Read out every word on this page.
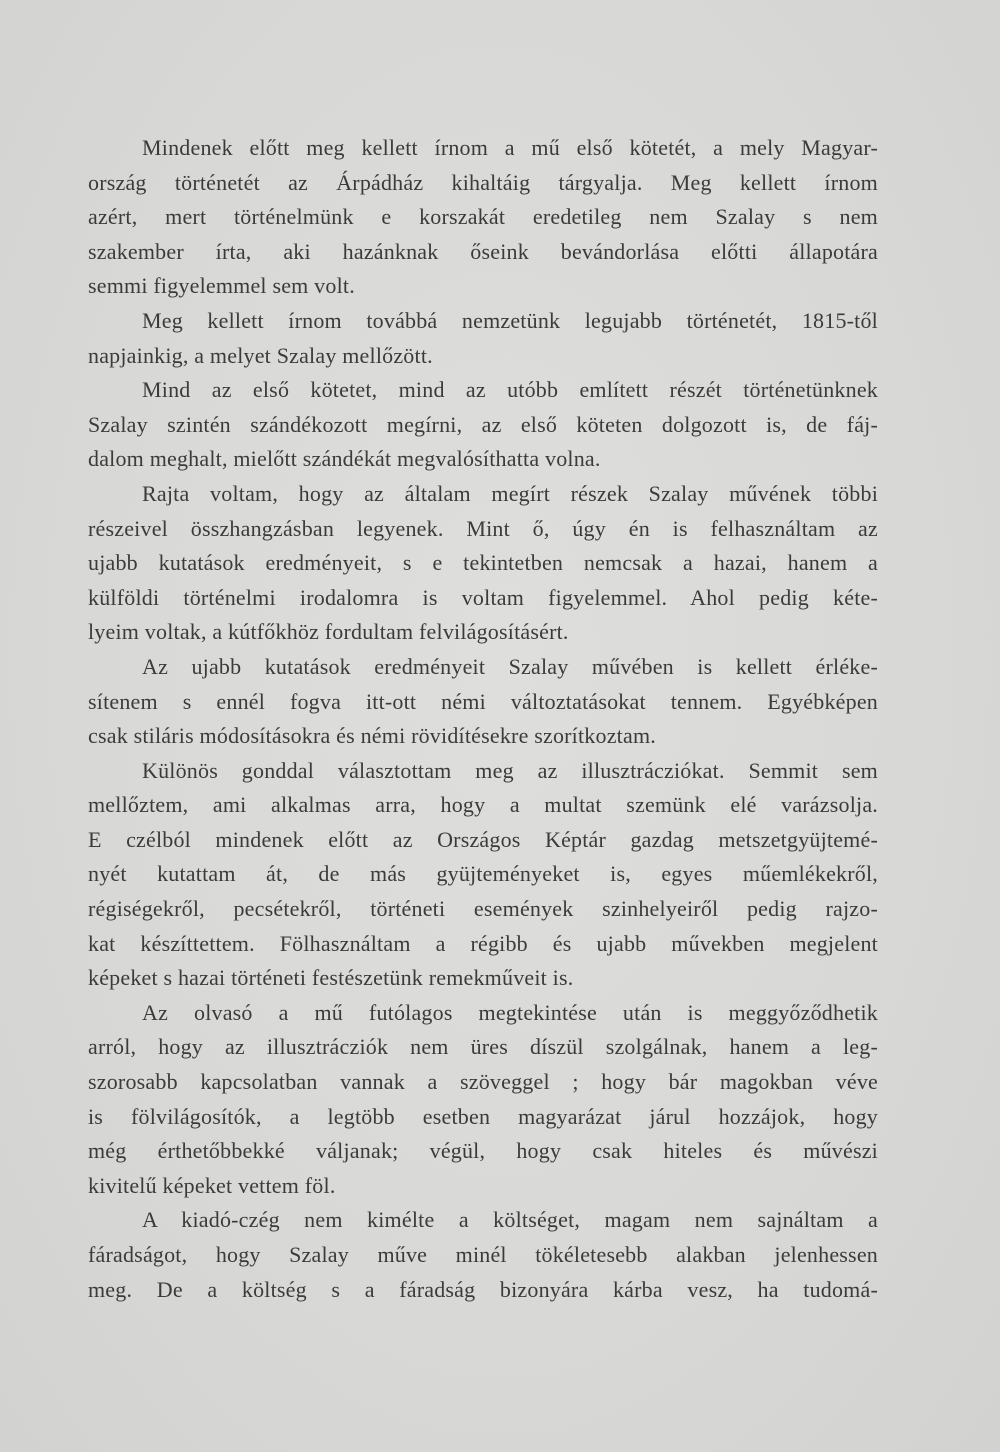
Mindenek előtt meg kellett írnom a mű első kötetét, a mely Magyar-
ország történetét az Árpádház kihaltáig tárgyalja. Meg kellett írnom
azért, mert történelmünk e korszakát eredetileg nem Szalay s nem
szakember írta, aki hazánknak őseink bevándorlása előtti állapotára
semmi figyelemmel sem volt.
Meg kellett írnom továbbá nemzetünk legujabb történetét, 1815-től
napjainkig, a melyet Szalay mellőzött.
Mind az első kötetet, mind az utóbb említett részét történetünknek
Szalay szintén szándékozott megírni, az első köteten dolgozott is, de fáj-
dalom meghalt, mielőtt szándékát megvalósíthatta volna.
Rajta voltam, hogy az általam megírt részek Szalay művének többi
részeivel összhangzásban legyenek. Mint ő, úgy én is felhasználtam az
ujabb kutatások eredményeit, s e tekintetben nemcsak a hazai, hanem a
külföldi történelmi irodalomra is voltam figyelemmel. Ahol pedig kéte-
lyeim voltak, a kútfőkhöz fordultam felvilágosításért.
Az ujabb kutatások eredményeit Szalay művében is kellett érléke-
sítenem s ennél fogva itt-ott némi változtatásokat tennem. Egyébképen
csak stiláris módosításokra és némi rövidítésekre szorítkoztam.
Különös gonddal választottam meg az illusztrácziókat. Semmit sem
mellőztem, ami alkalmas arra, hogy a multat szemünk elé varázsolja.
E czélból mindenek előtt az Országos Képtár gazdag metszetgyüjtemé-
nyét kutattam át, de más gyüjteményeket is, egyes műemlékekről,
régiségekről, pecsétekről, történeti események szinhelyeiről pedig rajzo-
kat készíttettem. Fölhasználtam a régibb és ujabb művekben megjelent
képeket s hazai történeti festészetünk remekműveit is.
Az olvasó a mű futólagos megtekintése után is meggyőződhetik
arról, hogy az illusztrácziók nem üres díszül szolgálnak, hanem a leg-
szorosabb kapcsolatban vannak a szöveggel ; hogy bár magokban véve
is fölvilágosítók, a legtöbb esetben magyarázat járul hozzájok, hogy
még érthetőbbekké váljanak; végül, hogy csak hiteles és művészi
kivitelű képeket vettem föl.
A kiadó-czég nem kimélte a költséget, magam nem sajnáltam a
fáradságot, hogy Szalay műve minél tökéletesebb alakban jelenhessen
meg. De a költség s a fáradság bizonyára kárba vesz, ha tudomá-
